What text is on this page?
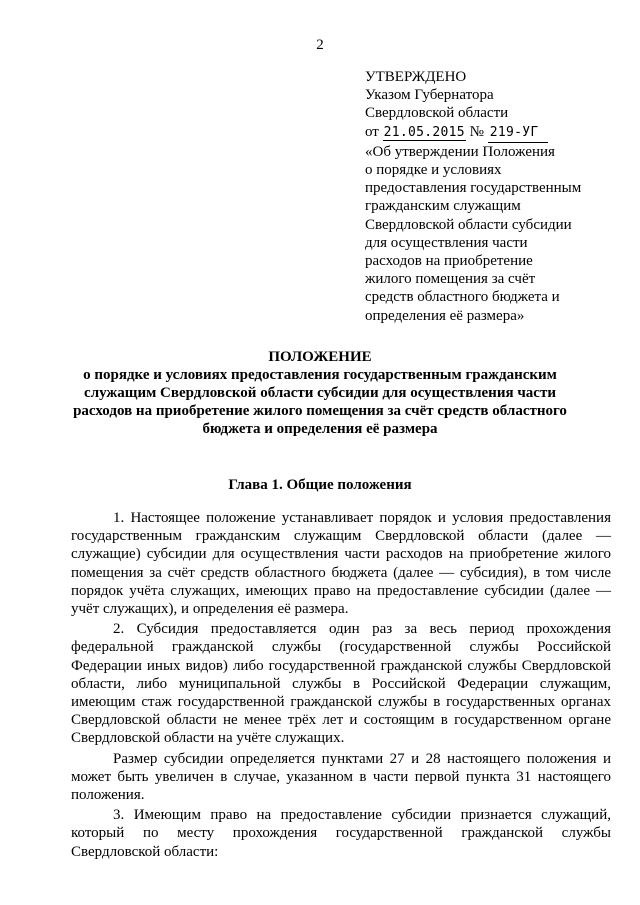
2
УТВЕРЖДЕНО
Указом Губернатора
Свердловской области
от 21.05.2015 № 219-УГ
«Об утверждении Положения
о порядке и условиях
предоставления государственным
гражданским служащим
Свердловской области субсидии
для осуществления части
расходов на приобретение
жилого помещения за счёт
средств областного бюджета и
определения её размера»
ПОЛОЖЕНИЕ
о порядке и условиях предоставления государственным гражданским служащим Свердловской области субсидии для осуществления части расходов на приобретение жилого помещения за счёт средств областного бюджета и определения её размера
Глава 1. Общие положения

1. Настоящее положение устанавливает порядок и условия предоставления государственным гражданским служащим Свердловской области (далее — служащие) субсидии для осуществления части расходов на приобретение жилого помещения за счёт средств областного бюджета (далее — субсидия), в том числе порядок учёта служащих, имеющих право на предоставление субсидии (далее — учёт служащих), и определения её размера.

2. Субсидия предоставляется один раз за весь период прохождения федеральной гражданской службы (государственной службы Российской Федерации иных видов) либо государственной гражданской службы Свердловской области, либо муниципальной службы в Российской Федерации служащим, имеющим стаж государственной гражданской службы в государственных органах Свердловской области не менее трёх лет и состоящим в государственном органе Свердловской области на учёте служащих.

Размер субсидии определяется пунктами 27 и 28 настоящего положения и может быть увеличен в случае, указанном в части первой пункта 31 настоящего положения.

3. Имеющим право на предоставление субсидии признается служащий, который по месту прохождения государственной гражданской службы Свердловской области:
